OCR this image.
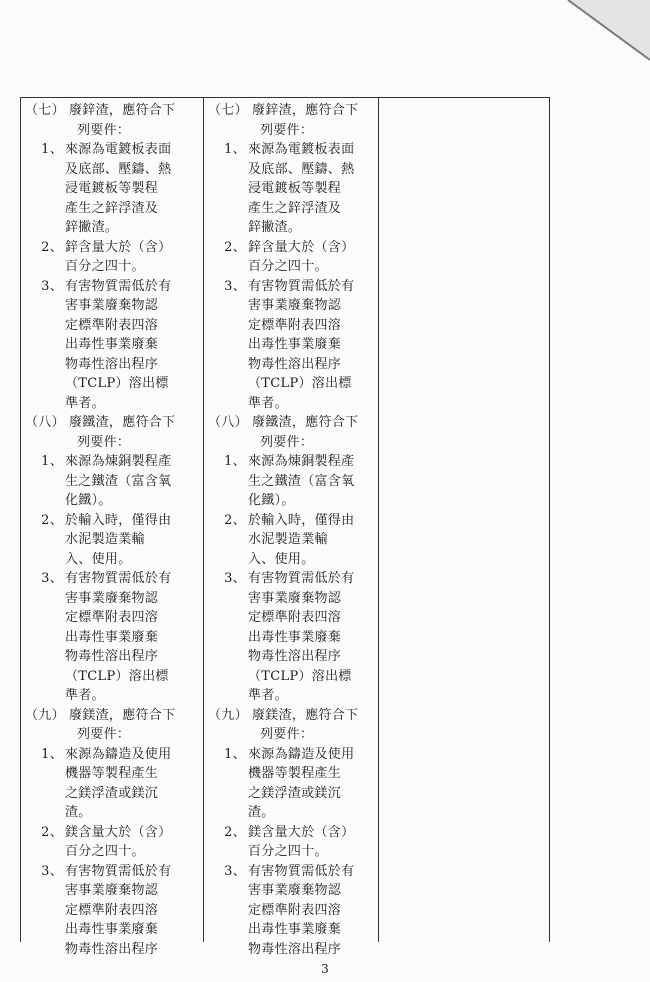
（七） 廢鋅渣，應符合下
列要件：
1、 來源為電鍍板表面
及底部、壓鑄、熱
浸電鍍板等製程
產生之鋅浮渣及
鋅撇渣。
2、 鋅含量大於（含）
百分之四十。
3、 有害物質需低於有
害事業廢棄物認
定標準附表四溶
出毒性事業廢棄
物毒性溶出程序
（TCLP）溶出標
準者。
（八） 廢鐵渣，應符合下
列要件：
1、 來源為煉銅製程產
生之鐵渣（富含氧
化鐵）。
2、 於輸入時，僅得由
水泥製造業輸
入、使用。
3、 有害物質需低於有
害事業廢棄物認
定標準附表四溶
出毒性事業廢棄
物毒性溶出程序
（TCLP）溶出標
準者。
（九） 廢鎂渣，應符合下
列要件：
1、 來源為鑄造及使用
機器等製程產生
之鎂浮渣或鎂沉
渣。
2、 鎂含量大於（含）
百分之四十。
3、 有害物質需低於有
害事業廢棄物認
定標準附表四溶
出毒性事業廢棄
物毒性溶出程序
（七） 廢鋅渣，應符合下
列要件：
1、 來源為電鍍板表面
及底部、壓鑄、熱
浸電鍍板等製程
產生之鋅浮渣及
鋅撇渣。
2、 鋅含量大於（含）
百分之四十。
3、 有害物質需低於有
害事業廢棄物認
定標準附表四溶
出毒性事業廢棄
物毒性溶出程序
（TCLP）溶出標
準者。
（八） 廢鐵渣，應符合下
列要件：
1、 來源為煉銅製程產
生之鐵渣（富含氧
化鐵）。
2、 於輸入時，僅得由
水泥製造業輸
入、使用。
3、 有害物質需低於有
害事業廢棄物認
定標準附表四溶
出毒性事業廢棄
物毒性溶出程序
（TCLP）溶出標
準者。
（九） 廢鎂渣，應符合下
列要件：
1、 來源為鑄造及使用
機器等製程產生
之鎂浮渣或鎂沉
渣。
2、 鎂含量大於（含）
百分之四十。
3、 有害物質需低於有
害事業廢棄物認
定標準附表四溶
出毒性事業廢棄
物毒性溶出程序
3
